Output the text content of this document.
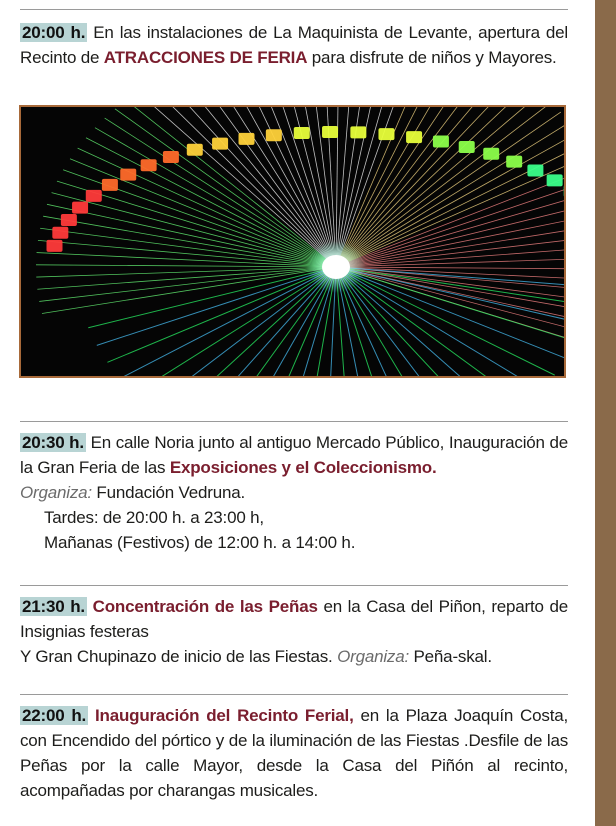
20:00 h. En las instalaciones de La Maquinista de Levante, apertura del Recinto de ATRACCIONES DE FERIA para disfrute de niños y Mayores.
20:30 h. En calle Noria junto al antiguo Mercado Público, Inauguración de la Gran Feria de las Exposiciones y el Coleccionismo.
Organiza: Fundación Vedruna.

Tardes: de 20:00 h. a 23:00 h,
Mañanas (Festivos) de 12:00 h. a 14:00 h.
21:30 h. Concentración de las Peñas en la Casa del Piñon, reparto de Insignias festeras
Y Gran Chupinazo de inicio de las Fiestas. Organiza: Peña-skal.
22:00 h. Inauguración del Recinto Ferial, en la Plaza Joaquín Costa, con Encendido del pórtico y de la iluminación de las Fiestas .Desfile de las Peñas por la calle Mayor, desde la Casa del Piñón al recinto, acompañadas por charangas musicales.
